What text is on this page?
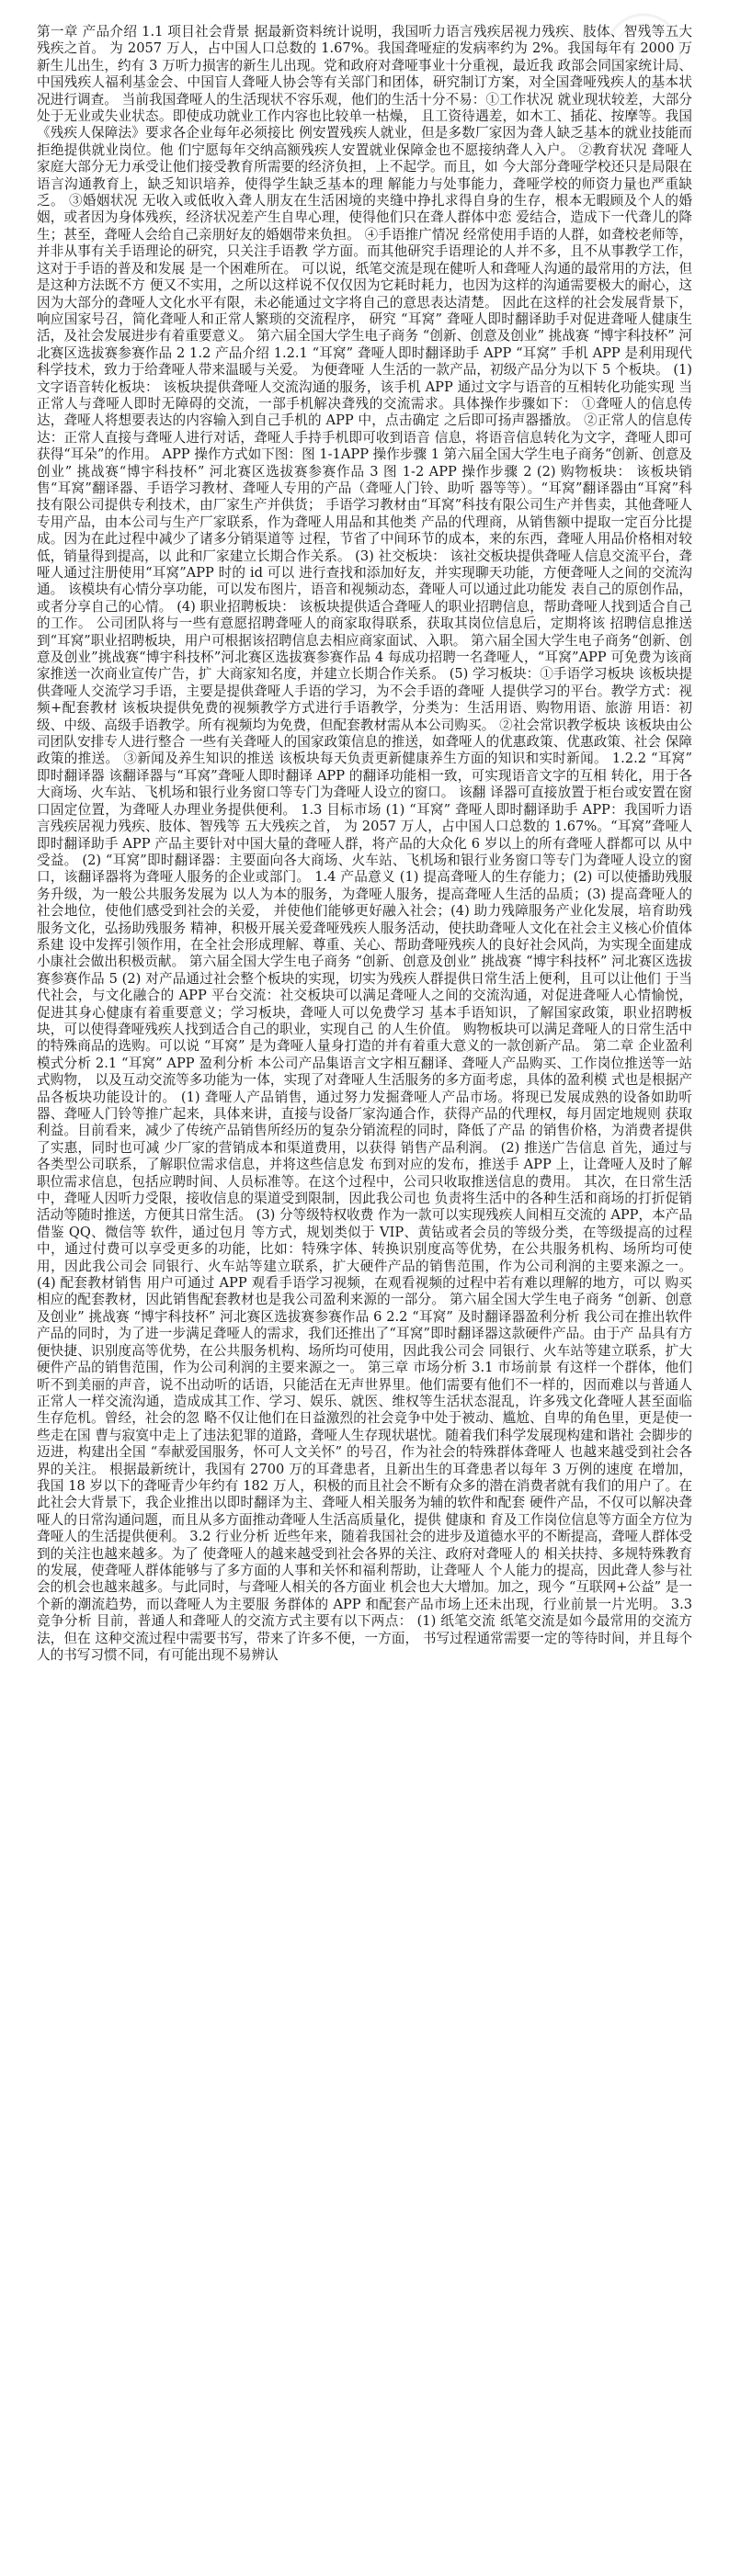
第一章 产品介绍 1.1 项目社会背景 据最新资料统计说明，我国听力语言残疾居视力残疾、肢体、智残等五大残疾之首。 为 2057 万人，占中国人口总数的 1.67%。我国聋哑症的发病率约为 2%。我国每年有 2000 万新生儿出生，约有 3 万听力损害的新生儿出现。党和政府对聋哑事业十分重视，最近我 政部会同国家统计局、中国残疾人福利基金会、中国盲人聋哑人协会等有关部门和团体，研究制订方案，对全国聋哑残疾人的基本状况进行调查。 当前我国聋哑人的生活现状不容乐观，他们的生活十分不易：①工作状况 就业现状较差，大部分处于无业或失业状态。即使成功就业工作内容也比较单一枯燥， 且工资待遇差，如木工、插花、按摩等。我国《残疾人保障法》要求各企业每年必须接比 例安置残疾人就业，但是多数厂家因为聋人缺乏基本的就业技能而拒绝提供就业岗位。他 们宁愿每年交纳高额残疾人安置就业保障金也不愿接纳聋人入户。 ②教育状况 聋哑人家庭大部分无力承受让他们接受教育所需要的经济负担，上不起学。而且，如 今大部分聋哑学校还只是局限在语言沟通教育上，缺乏知识培养，使得学生缺乏基本的理 解能力与处事能力，聋哑学校的师资力量也严重缺乏。 ③婚姻状况 无收入或低收入聋人朋友在生活困境的夹缝中挣扎求得自身的生存，根本无暇顾及个人的婚姻，或者因为身体残疾，经济状况差产生自卑心理，使得他们只在聋人群体中恋 爱结合，造成下一代聋儿的降生；甚至，聋哑人会给自己亲朋好友的婚姻带来负担。 ④手语推广情况 经常使用手语的人群，如聋校老师等，并非从事有关手语理论的研究，只关注手语教 学方面。而其他研究手语理论的人并不多，且不从事教学工作，这对于手语的普及和发展 是一个困难所在。 可以说，纸笔交流是现在健听人和聋哑人沟通的最常用的方法，但是这种方法既不方 便又不实用，之所以这样说不仅仅因为它耗时耗力，也因为这样的沟通需要极大的耐心，这 因为大部分的聋哑人文化水平有限，未必能通过文字将自己的意思表达清楚。 因此在这样的社会发展背景下，响应国家号召，简化聋哑人和正常人繁琐的交流程序， 研究 “耳窝” 聋哑人即时翻译助手对促进聋哑人健康生活，及社会发展进步有着重要意义。 第六届全国大学生电子商务 “创新、创意及创业” 挑战赛 “博宇科技杯” 河北赛区选拔赛参赛作品 2 1.2 产品介绍 1.2.1 “耳窝” 聋哑人即时翻译助手 APP “耳窝” 手机 APP 是利用现代科学技术，致力于给聋哑人带来温暖与关爱。 为便聋哑 人生活的一款产品，初级产品分为以下 5 个板块。 (1) 文字语音转化板块： 该板块提供聋哑人交流沟通的服务，该手机 APP 通过文字与语音的互相转化功能实现 当正常人与聋哑人即时无障碍的交流，一部手机解决聋残的交流需求。具体操作步骤如下： ①聋哑人的信息传达，聋哑人将想要表达的内容输入到自己手机的 APP 中，点击确定 之后即可扬声器播放。 ②正常人的信息传达：正常人直接与聋哑人进行对话，聋哑人手持手机即可收到语音 信息，将语音信息转化为文字，聋哑人即可获得“耳朵”的作用。 APP 操作方式如下图：图 1-1APP 操作步骤 1 第六届全国大学生电子商务“创新、创意及创业” 挑战赛“博宇科技杯” 河北赛区选拔赛参赛作品 3 图 1-2 APP 操作步骤 2 (2) 购物板块： 该板块销售“耳窝”翻译器、手语学习教材、聋哑人专用的产品（聋哑人门铃、助听 器等等）。“耳窝”翻译器由“耳窝”科技有限公司提供专利技术，由厂家生产并供货； 手语学习教材由“耳窝”科技有限公司生产并售卖，其他聋哑人专用产品，由本公司与生产厂家联系，作为聋哑人用品和其他类 产品的代理商，从销售额中提取一定百分比提成。因为在此过程中减少了诸多分销渠道等 过程，节省了中间环节的成本，来的东西，聋哑人用品价格相对较低，销量得到提高，以 此和厂家建立长期合作关系。 (3) 社交板块： 该社交板块提供聋哑人信息交流平台，聋哑人通过注册使用“耳窝”APP 时的 id 可以 进行查找和添加好友，并实现聊天功能，方便聋哑人之间的交流沟通。 该模块有心情分享功能，可以发布图片，语音和视频动态，聋哑人可以通过此功能发 表自己的原创作品，或者分享自己的心情。 (4) 职业招聘板块： 该板块提供适合聋哑人的职业招聘信息，帮助聋哑人找到适合自己的工作。 公司团队将与一些有意愿招聘聋哑人的商家取得联系，获取其岗位信息后，定期将该 招聘信息推送到“耳窝”职业招聘板块，用户可根据该招聘信息去相应商家面试、入职。 第六届全国大学生电子商务“创新、创意及创业”挑战赛“博宇科技杯”河北赛区选拔赛参赛作品 4 每成功招聘一名聋哑人，“耳窝”APP 可免费为该商家推送一次商业宣传广告，扩 大商家知名度，并建立长期合作关系。 (5) 学习板块：①手语学习板块 该板块提供聋哑人交流学习手语，主要是提供聋哑人手语的学习，为不会手语的聋哑 人提供学习的平台。教学方式：视频+配套教材 该板块提供免费的视频教学方式进行手语教学，分类为：生活用语、购物用语、旅游 用语：初级、中级、高级手语教学。所有视频均为免费，但配套教材需从本公司购买。 ②社会常识教学板块 该板块由公司团队安排专人进行整合 一些有关聋哑人的国家政策信息的推送，如聋哑人的优惠政策、优惠政策、社会 保障政策的推送。 ③新闻及养生知识的推送 该板块每天负责更新健康养生方面的知识和实时新闻。 1.2.2 “耳窝” 即时翻译器 该翻译器与“耳窝”聋哑人即时翻译 APP 的翻译功能相一致，可实现语音文字的互相 转化，用于各大商场、火车站、飞机场和银行业务窗口等专门为聋哑人设立的窗口。 该翻 译器可直接放置于柜台或安置在窗口固定位置，为聋哑人办理业务提供便利。 1.3 目标市场 (1) “耳窝” 聋哑人即时翻译助手 APP：我国听力语言残疾居视力残疾、肢体、智残等 五大残疾之首， 为 2057 万人，占中国人口总数的 1.67%。“耳窝”聋哑人即时翻译助手 APP 产品主要针对中国大量的聋哑人群，将产品的大众化 6 岁以上的所有聋哑人群都可以 从中受益。 (2) “耳窝”即时翻译器：主要面向各大商场、火车站、飞机场和银行业务窗口等专门为聋哑人设立的窗口，该翻译器将为聋哑人服务的企业或部门。 1.4 产品意义 (1) 提高聋哑人的生存能力；(2) 可以使播助残服务升级，为一般公共服务发展为 以人为本的服务，为聋哑人服务，提高聋哑人生活的品质；(3) 提高聋哑人的社会地位，使他们感受到社会的关爱， 并使他们能够更好融入社会；(4) 助力残障服务产业化发展，培育助残服务文化，弘扬助残服务 精神，积极开展关爱聋哑残疾人服务活动，使扶助聋哑人文化在社会主义核心价值体系建 设中发挥引领作用，在全社会形成理解、尊重、关心、帮助聋哑残疾人的良好社会风尚，为实现全面建成小康社会做出积极贡献。 第六届全国大学生电子商务 “创新、创意及创业” 挑战赛 “博宇科技杯” 河北赛区选拔赛参赛作品 5 (2) 对产品通过社会整个板块的实现，切实为残疾人群提供日常生活上便利，且可以让他们 于当代社会，与文化融合的 APP 平台交流：社交板块可以满足聋哑人之间的交流沟通，对促进聋哑人心情愉悦， 促进其身心健康有着重要意义；学习板块，聋哑人可以免费学习 基本手语知识，了解国家政策，职业招聘板块，可以使得聋哑残疾人找到适合自己的职业，实现自己 的人生价值。 购物板块可以满足聋哑人的日常生活中的特殊商品的选购。可以说 “耳窝” 是为聋哑人量身打造的并有着重大意义的一款创新产品。 第二章 企业盈利模式分析 2.1 “耳窝” APP 盈利分析 本公司产品集语言文字相互翻译、聋哑人产品购买、工作岗位推送等一站式购物， 以及互动交流等多功能为一体，实现了对聋哑人生活服务的多方面考虑，具体的盈利模 式也是根据产品各板块功能设计的。 (1) 聋哑人产品销售，通过努力发掘聋哑人产品市场。将现已发展成熟的设备如助听器、聋哑人门铃等推广起来，具体来讲，直接与设备厂家沟通合作，获得产品的代理权，每月固定地规则 获取利益。目前看来，减少了传统产品销售所经历的复杂分销流程的同时，降低了产品 的销售价格，为消费者提供了实惠，同时也可减 少厂家的营销成本和渠道费用，以获得 销售产品利润。 (2) 推送广告信息 首先，通过与各类型公司联系，了解职位需求信息，并将这些信息发 布到对应的发布，推送手 APP 上，让聋哑人及时了解职位需求信息，包括应聘时间、人员标准等。在这个过程中，公司只收取推送信息的费用。 其次，在日常生活中，聋哑人因听力受限，接收信息的渠道受到限制，因此我公司也 负责将生活中的各种生活和商场的打折促销活动等随时推送，方便其日常生活。 (3) 分等级特权收费 作为一款可以实现残疾人间相互交流的 APP，本产品借鉴 QQ、微信等 软件，通过包月 等方式，规划类似于 VIP、黄钻或者会员的等级分类，在等级提高的过程中，通过付费可以享受更多的功能，比如：特殊字体、转换识别度高等优势，在公共服务机构、场所均可使用，因此我公司会 同银行、火车站等建立联系，扩大硬件产品的销售范围，作为公司利润的主要来源之一。 (4) 配套教材销售 用户可通过 APP 观看手语学习视频，在观看视频的过程中若有难以理解的地方，可以 购买相应的配套教材，因此销售配套教材也是我公司盈利来源的一部分。 第六届全国大学生电子商务 “创新、创意及创业” 挑战赛 “博宇科技杯” 河北赛区选拔赛参赛作品 6 2.2 “耳窝” 及时翻译器盈利分析 我公司在推出软件产品的同时，为了进一步满足聋哑人的需求，我们还推出了“耳窝”即时翻译器这款硬件产品。由于产 品具有方便快捷、识别度高等优势，在公共服务机构、场所均可使用，因此我公司会 同银行、火车站等建立联系，扩大硬件产品的销售范围，作为公司利润的主要来源之一。 第三章 市场分析 3.1 市场前景 有这样一个群体，他们听不到美丽的声音，说不出动听的话语，只能活在无声世界里。他们需要有他们不一样的，因而难以与普通人正常人一样交流沟通，造成成其工作、学习、娱乐、就医、维权等生活状态混乱，许多残文化聋哑人甚至面临生存危机。曾经，社会的忽 略不仅让他们在日益激烈的社会竞争中处于被动、尴尬、自卑的角色里，更是使一些走在国 曹与寂寞中走上了违法犯罪的道路，聋哑人生存现状堪忧。随着我们科学发展现构建和谐社 会脚步的迈进，构建出全国 “奉献爱国服务，怀可人文关怀” 的号召，作为社会的特殊群体聋哑人 也越来越受到社会各界的关注。 根据最新统计，我国有 2700 万的耳聋患者，且新出生的耳聋患者以每年 3 万例的速度 在增加，我国 18 岁以下的聋哑青少年约有 182 万人，积极的而且社会不断有众多的潜在消费者就有我们的用户了。在此社会大背景下，我企业推出以即时翻译为主、聋哑人相关服务为辅的软件和配套 硬件产品，不仅可以解决聋哑人的日常沟通问题，而且从多方面推动聋哑人生活高质量化，提供 健康和 育及工作岗位信息等方面全方位为聋哑人的生活提供便利。 3.2 行业分析 近些年来，随着我国社会的进步及道德水平的不断提高，聋哑人群体受到的关注也越来越多。为了 使聋哑人的越来越受到社会各界的关注、政府对聋哑人的 相关扶持、多规特殊教育的发展，使聋哑人群体能够与了多方面的人事和关怀和福利帮助，让聋哑人 个人能力的提高，因此聋人参与社会的机会也越来越多。与此同时，与聋哑人相关的各方面业 机会也大大增加。加之，现今 “互联网+公益” 是一个新的潮流趋势，而以聋哑人为主要服 务群体的 APP 和配套产品市场上还未出现，行业前景一片光明。 3.3 竞争分析 目前，普通人和聋哑人的交流方式主要有以下两点： (1) 纸笔交流 纸笔交流是如今最常用的交流方法，但在 这种交流过程中需要书写，带来了许多不便，一方面， 书写过程通常需要一定的等待时间，并且每个人的书写习惯不同，有可能出现不易辨认
